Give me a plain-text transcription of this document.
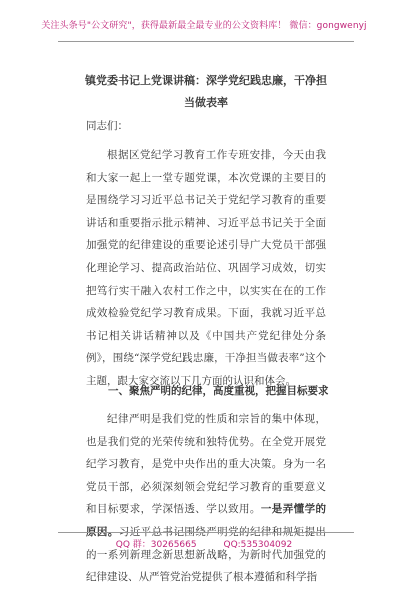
关注头条号"公文研究"，获得最新最全最专业的公文资料库！ 微信：gongwenyj
镇党委书记上党课讲稿：深学党纪践忠廉，干净担当做表率
同志们：

根据区党纪学习教育工作专班安排，今天由我和大家一起上一堂专题党课，本次党课的主要目的是围绕学习习近平总书记关于党纪学习教育的重要讲话和重要指示批示精神、习近平总书记关于全面加强党的纪律建设的重要论述引导广大党员干部强化理论学习、提高政治站位、巩固学习成效，切实把笃行实干融入农村工作之中，以实实在在的工作成效检验党纪学习教育成果。下面，我就习近平总书记相关讲话精神以及《中国共产党纪律处分条例》，围绕“深学党纪践忠廉，干净担当做表率”这个主题，跟大家交流以下几方面的认识和体会。

一、聚焦严明的纪律，高度重视，把握目标要求

纪律严明是我们党的性质和宗旨的集中体现，也是我们党的光荣传统和独特优势。在全党开展党纪学习教育，是党中央作出的重大决策。身为一名党员干部，必须深刻领会党纪学习教育的重要意义和目标要求，学深悟透、学以致用。一是弄懂学的原因。习近平总书记围绕严明党的纪律和规矩提出的一系列新理念新思想新战略，为新时代加强党的纪律建设、从严管党治党提供了根本遵循和科学指

QQ 群：30265665	QQ:535304092
